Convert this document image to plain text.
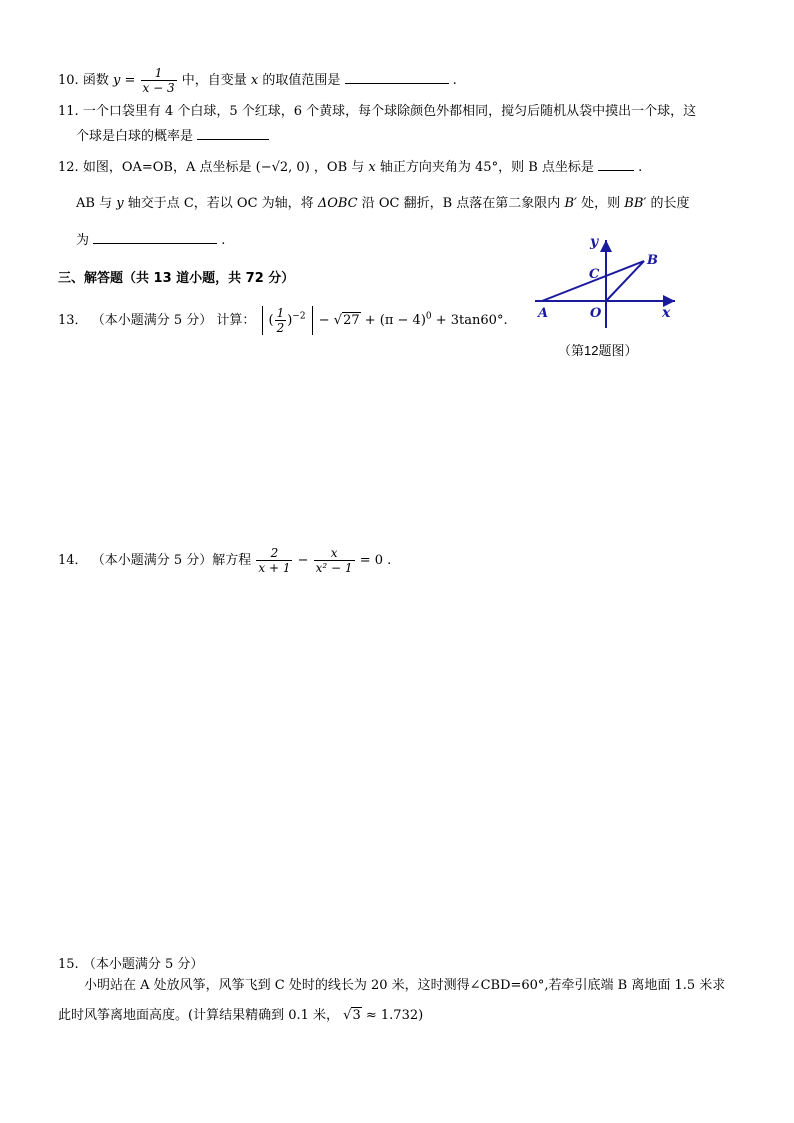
10. 函数 $y = \frac{1}{x - 3}$ 中，自变量 x 的取值范围是	.
11. 一个口袋里有 4 个白球，5 个红球，6 个黄球，每个球除颜色外都相同，搅匀后随机从袋中摸出一个球，这
个球是白球的概率是
12. 如图，OA=OB，A 点坐标是 (−√2, 0) ，OB 与 x 轴正方向夹角为 45°，则 B 点坐标是	.
AB 与 y 轴交于点 C，若以 OC 为轴，将 ΔOBC 沿 OC 翻折，B 点落在第二象限内 B′ 处，则 BB′ 的长度
为	.
三、解答题（共 13 道小题，共 72 分）
13． （本小题满分 5 分） 计算： ( $\frac{1}{2} )^{-2} - √27 + (\pi - 4)^0 + 3\tan 60^\circ$.
y
x
A	O
B
C
（第12题图）
14． （本小题满分 5 分）解方程 $\frac{2}{x + 1} - \frac{x}{\text{x² − 1}} = 0$ .
15. （本小题满分 5 分）
小明站在 A 处放风筝，风筝飞到 C 处时的线长为 20 米，这时测得∠CBD=60°,若牵引底端 B 离地面 1.5 米求
此时风筝离地面高度。(计算结果精确到 0.1 米， √3 ≈ 1.732)
